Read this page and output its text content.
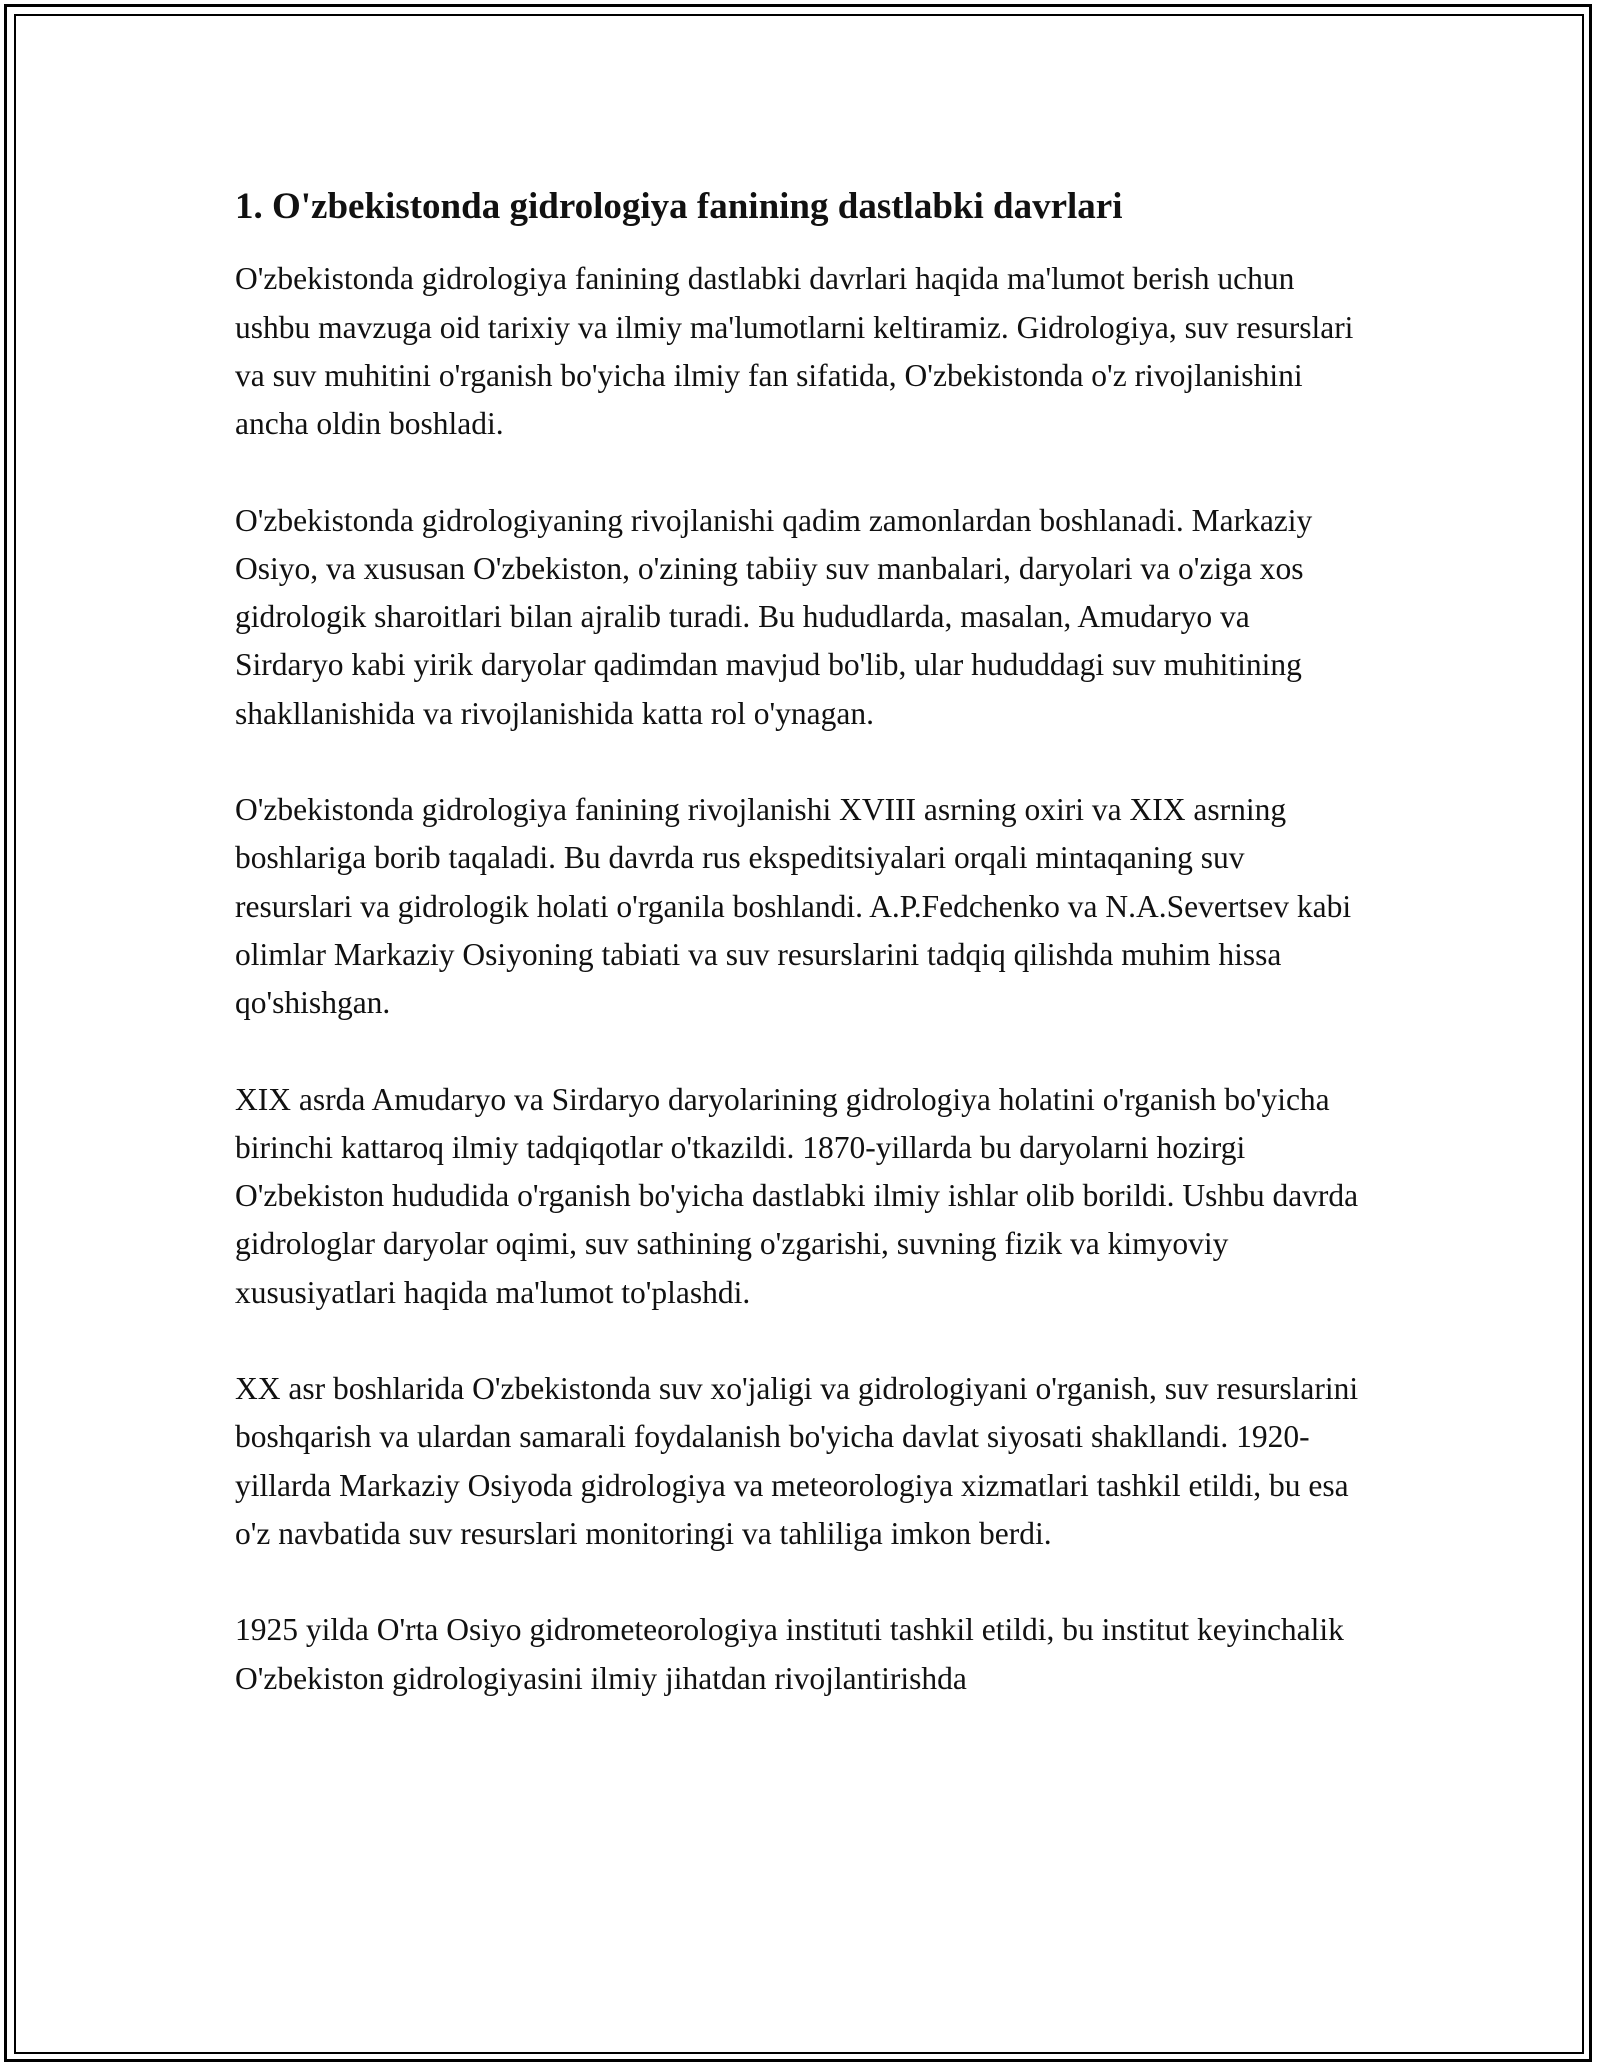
1. O'zbekistonda gidrologiya fanining dastlabki davrlari

O'zbekistonda gidrologiya fanining dastlabki davrlari haqida ma'lumot berish uchun ushbu mavzuga oid tarixiy va ilmiy ma'lumotlarni keltiramiz. Gidrologiya, suv resurslari va suv muhitini o'rganish bo'yicha ilmiy fan sifatida, O'zbekistonda o'z rivojlanishini ancha oldin boshladi.

O'zbekistonda gidrologiyaning rivojlanishi qadim zamonlardan boshlanadi. Markaziy Osiyo, va xususan O'zbekiston, o'zining tabiiy suv manbalari, daryolari va o'ziga xos gidrologik sharoitlari bilan ajralib turadi. Bu hududlarda, masalan, Amudaryo va Sirdaryo kabi yirik daryolar qadimdan mavjud bo'lib, ular hududdagi suv muhitining shakllanishida va rivojlanishida katta rol o'ynagan.

O'zbekistonda gidrologiya fanining rivojlanishi XVIII asrning oxiri va XIX asrning boshlariga borib taqaladi. Bu davrda rus ekspeditsiyalari orqali mintaqaning suv resurslari va gidrologik holati o'rganila boshlandi. A.P.Fedchenko va N.A.Severtsev kabi olimlar Markaziy Osiyoning tabiati va suv resurslarini tadqiq qilishda muhim hissa qo'shishgan.

XIX asrda Amudaryo va Sirdaryo daryolarining gidrologiya holatini o'rganish bo'yicha birinchi kattaroq ilmiy tadqiqotlar o'tkazildi. 1870-yillarda bu daryolarni hozirgi O'zbekiston hududida o'rganish bo'yicha dastlabki ilmiy ishlar olib borildi. Ushbu davrda gidrologlar daryolar oqimi, suv sathining o'zgarishi, suvning fizik va kimyoviy xususiyatlari haqida ma'lumot to'plashdi.

XX asr boshlarida O'zbekistonda suv xo'jaligi va gidrologiyani o'rganish, suv resurslarini boshqarish va ulardan samarali foydalanish bo'yicha davlat siyosati shakllandi. 1920-yillarda Markaziy Osiyoda gidrologiya va meteorologiya xizmatlari tashkil etildi, bu esa o'z navbatida suv resurslari monitoringi va tahliliga imkon berdi.

1925 yilda O'rta Osiyo gidrometeorologiya instituti tashkil etildi, bu institut keyinchalik O'zbekiston gidrologiyasini ilmiy jihatdan rivojlantirishda
